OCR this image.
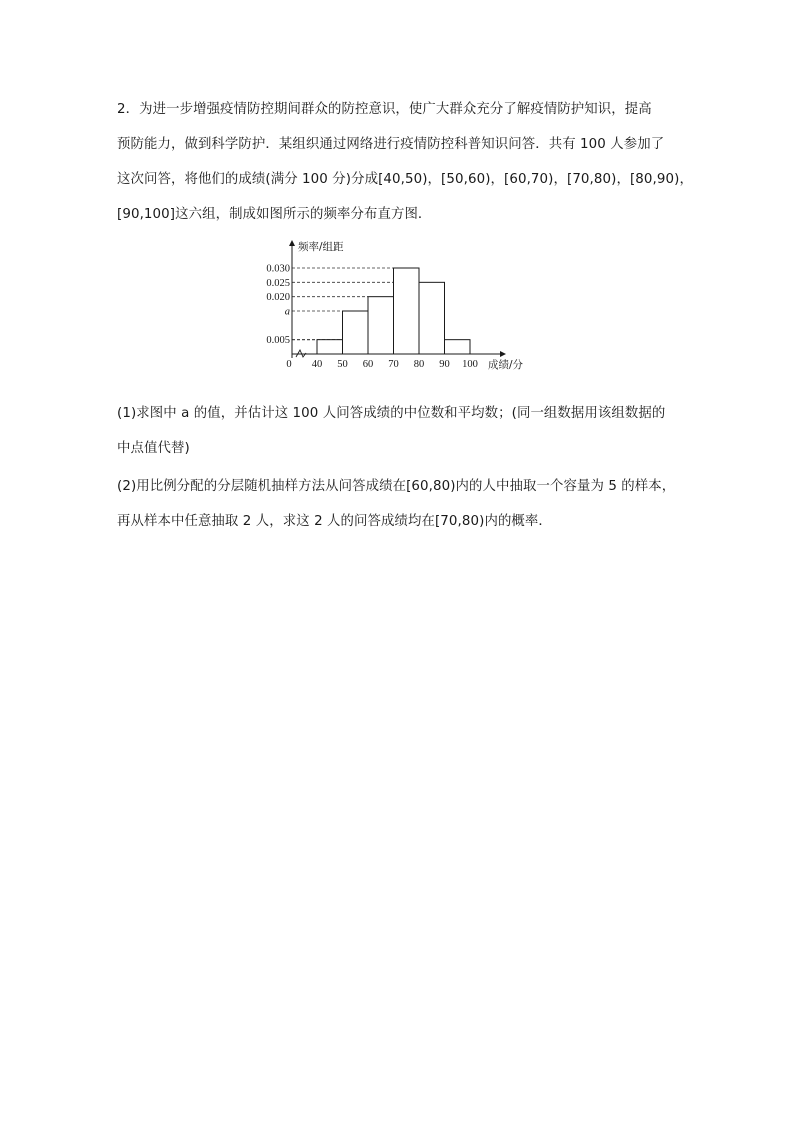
2．为进一步增强疫情防控期间群众的防控意识，使广大群众充分了解疫情防护知识，提高
预防能力，做到科学防护．某组织通过网络进行疫情防控科普知识问答．共有 100 人参加了
这次问答，将他们的成绩(满分 100 分)分成[40,50)，[50,60)，[60,70)，[70,80)，[80,90)，
[90,100]这六组，制成如图所示的频率分布直方图．
0.005
a
0.020
0.025
0.030
40 50 60 70 80 90 100
0
频率/组距
成绩/分
(1)求图中 a 的值，并估计这 100 人问答成绩的中位数和平均数；(同一组数据用该组数据的
中点值代替)
(2)用比例分配的分层随机抽样方法从问答成绩在[60,80)内的人中抽取一个容量为 5 的样本，
再从样本中任意抽取 2 人，求这 2 人的问答成绩均在[70,80)内的概率．
